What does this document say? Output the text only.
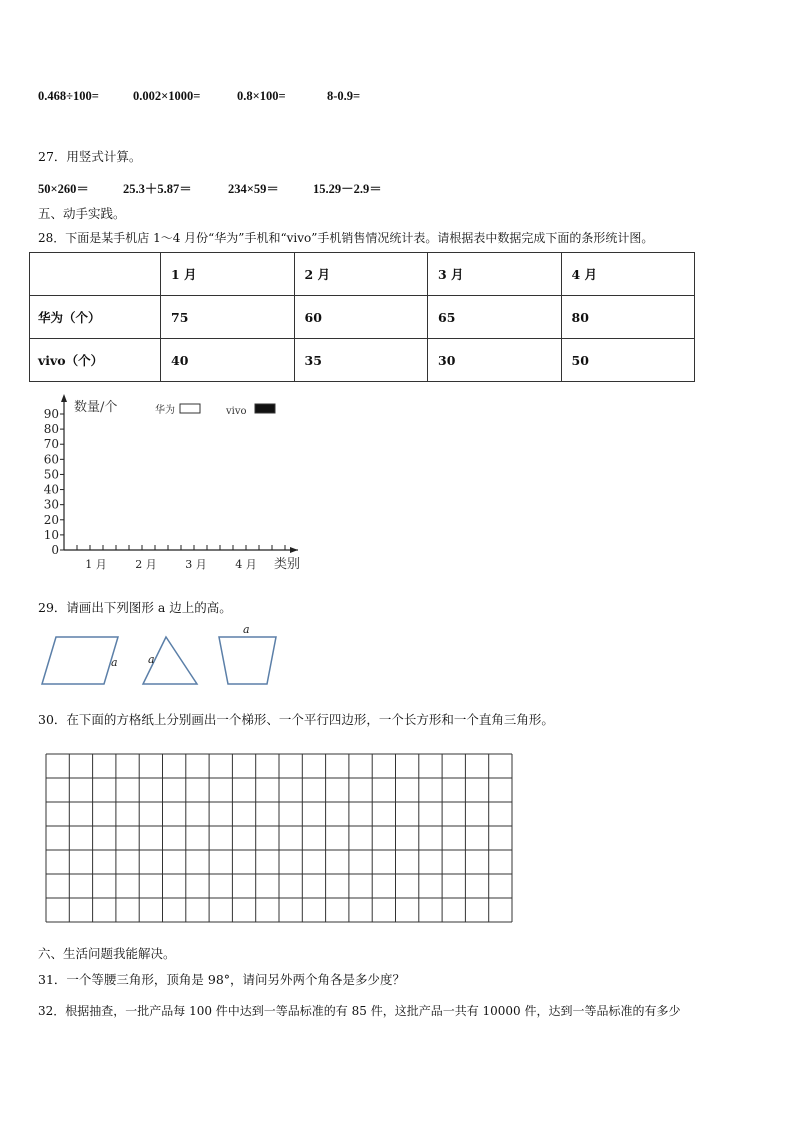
0.468÷100=	0.002×1000=	0.8×100=	8-0.9=
27．用竖式计算。
50×260＝	25.3＋5.87＝	234×59＝	15.29－2.9＝
五、动手实践。
28．下面是某手机店 1～4 月份“华为”手机和“vivo”手机销售情况统计表。请根据表中数据完成下面的条形统计图。
	1 月	2 月	3 月	4 月
华为（个）	75	60	65	80
vivo（个）	40	35	30	50
0
10
20
30
40
50
60
70
80
90
1 月	2 月	3 月	4 月
数量/个
类别
华为	vivo
29．请画出下列图形 a 边上的高。
a	a
a
30．在下面的方格纸上分别画出一个梯形、一个平行四边形，一个长方形和一个直角三角形。
六、生活问题我能解决。
31．一个等腰三角形，顶角是 98°，请问另外两个角各是多少度？
32．根据抽查，一批产品每 100 件中达到一等品标准的有 85 件，这批产品一共有 10000 件，达到一等品标准的有多少
